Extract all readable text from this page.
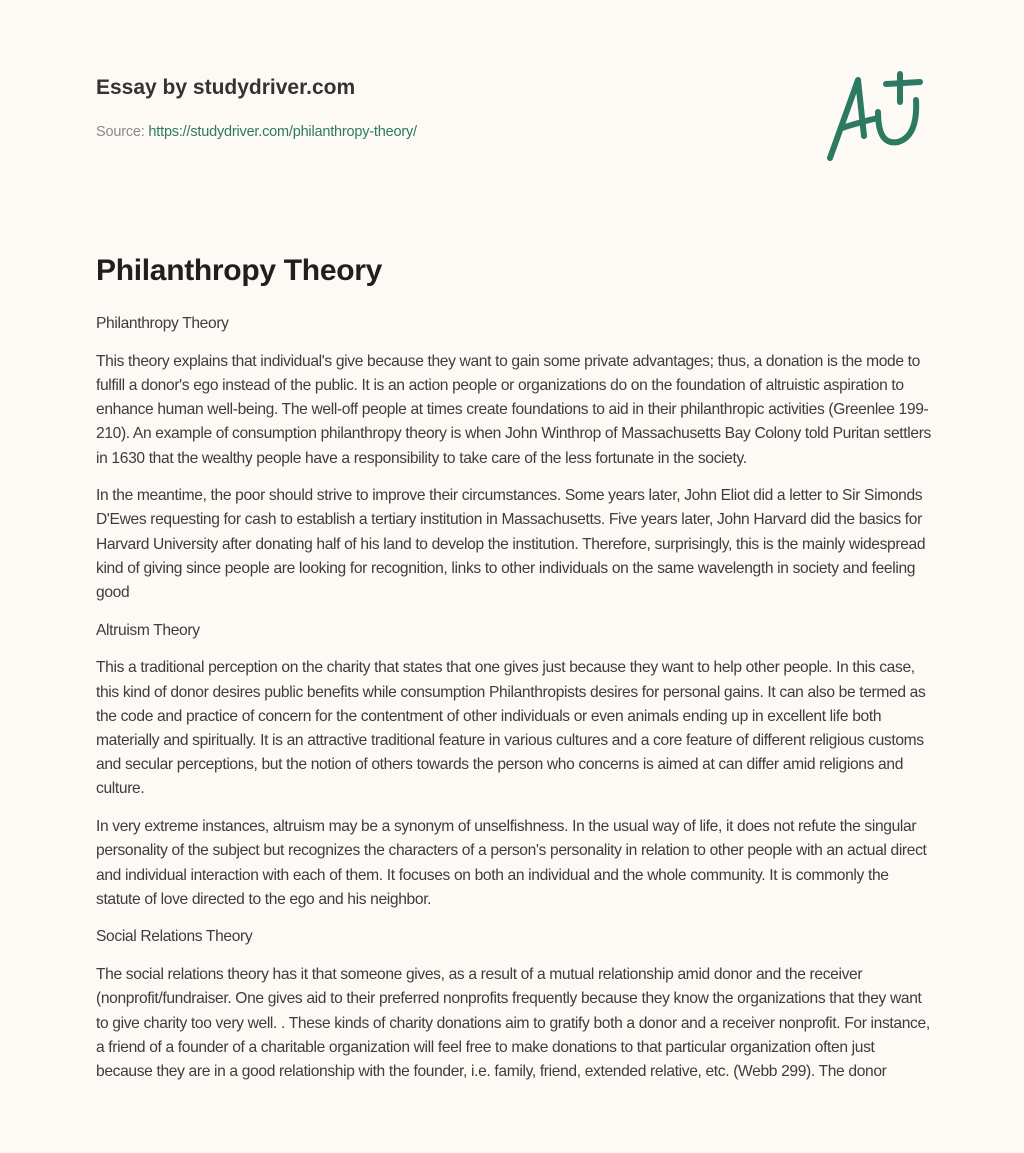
Essay by studydriver.com
Source: https://studydriver.com/philanthropy-theory/
Philanthropy Theory

Philanthropy Theory

This theory explains that individual's give because they want to gain some private advantages; thus, a donation is the mode to fulfill a donor's ego instead of the public. It is an action people or organizations do on the foundation of altruistic aspiration to enhance human well-being. The well-off people at times create foundations to aid in their philanthropic activities (Greenlee 199-210). An example of consumption philanthropy theory is when John Winthrop of Massachusetts Bay Colony told Puritan settlers in 1630 that the wealthy people have a responsibility to take care of the less fortunate in the society.

In the meantime, the poor should strive to improve their circumstances. Some years later, John Eliot did a letter to Sir Simonds D'Ewes requesting for cash to establish a tertiary institution in Massachusetts. Five years later, John Harvard did the basics for Harvard University after donating half of his land to develop the institution. Therefore, surprisingly, this is the mainly widespread kind of giving since people are looking for recognition, links to other individuals on the same wavelength in society and feeling good

Altruism Theory

This a traditional perception on the charity that states that one gives just because they want to help other people. In this case, this kind of donor desires public benefits while consumption Philanthropists desires for personal gains. It can also be termed as the code and practice of concern for the contentment of other individuals or even animals ending up in excellent life both materially and spiritually. It is an attractive traditional feature in various cultures and a core feature of different religious customs and secular perceptions, but the notion of others towards the person who concerns is aimed at can differ amid religions and culture.

In very extreme instances, altruism may be a synonym of unselfishness. In the usual way of life, it does not refute the singular personality of the subject but recognizes the characters of a person's personality in relation to other people with an actual direct and individual interaction with each of them. It focuses on both an individual and the whole community. It is commonly the statute of love directed to the ego and his neighbor.

Social Relations Theory

The social relations theory has it that someone gives, as a result of a mutual relationship amid donor and the receiver (nonprofit/fundraiser. One gives aid to their preferred nonprofits frequently because they know the organizations that they want to give charity too very well. . These kinds of charity donations aim to gratify both a donor and a receiver nonprofit. For instance, a friend of a founder of a charitable organization will feel free to make donations to that particular organization often just because they are in a good relationship with the founder, i.e. family, friend, extended relative, etc. (Webb 299). The donor
